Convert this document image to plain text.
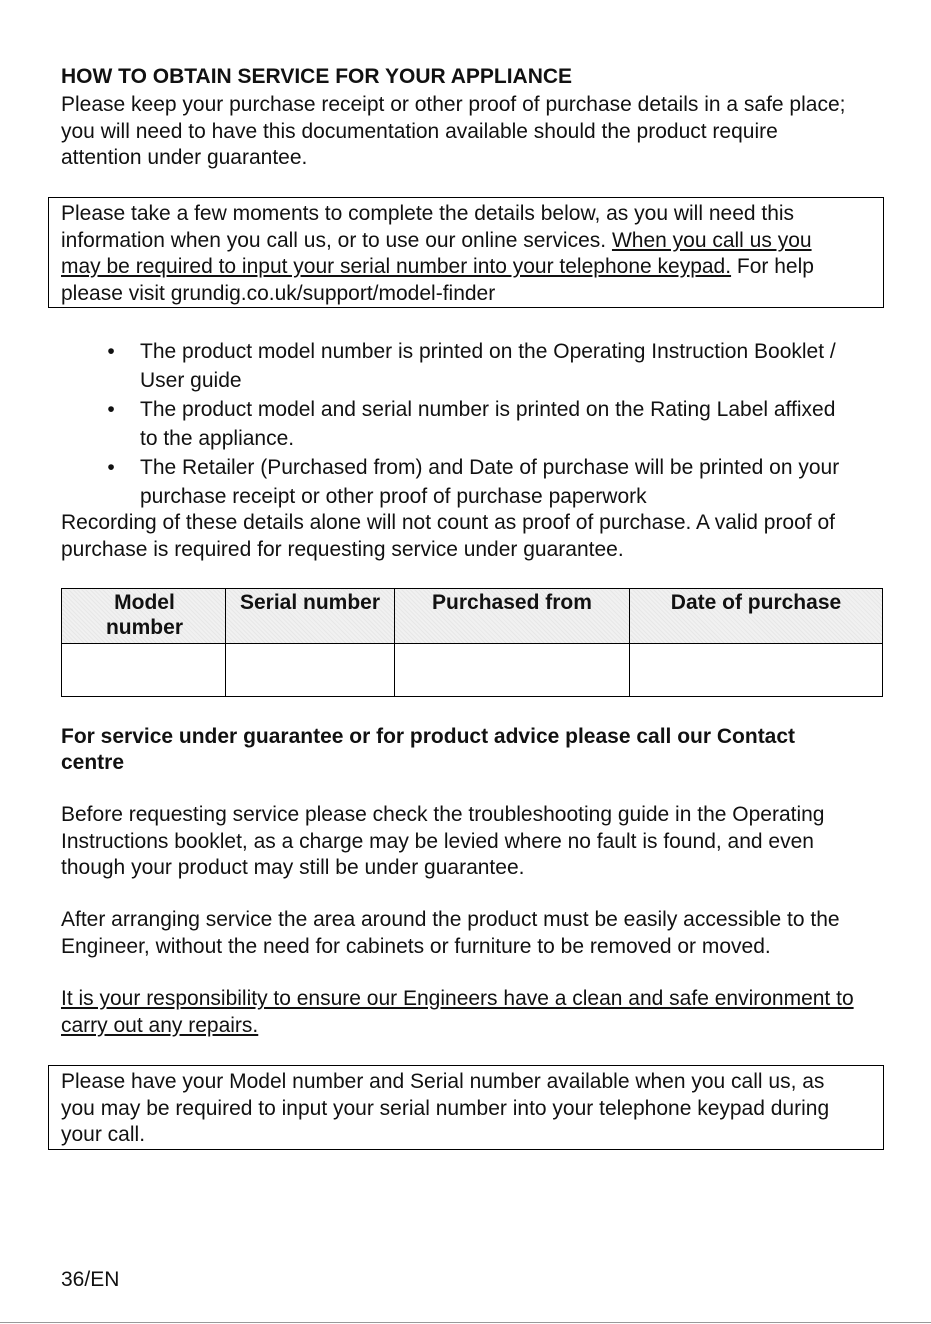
HOW TO OBTAIN SERVICE FOR YOUR APPLIANCE
Please keep your purchase receipt or other proof of purchase details in a safe place;
you will need to have this documentation available should the product require
attention under guarantee.
Please take a few moments to complete the details below, as you will need this
information when you call us, or to use our online services. When you call us you
may be required to input your serial number into your telephone keypad. For help
please visit grundig.co.uk/support/model-finder
•	The product model number is printed on the Operating Instruction Booklet /
User guide
•	The product model and serial number is printed on the Rating Label affixed
to the appliance.
•	The Retailer (Purchased from) and Date of purchase will be printed on your
purchase receipt or other proof of purchase paperwork
Recording of these details alone will not count as proof of purchase. A valid proof of
purchase is required for requesting service under guarantee.
Model number	Serial number	Purchased from	Date of purchase

For service under guarantee or for product advice please call our Contact
centre
Before requesting service please check the troubleshooting guide in the Operating
Instructions booklet, as a charge may be levied where no fault is found, and even
though your product may still be under guarantee.
After arranging service the area around the product must be easily accessible to the
Engineer, without the need for cabinets or furniture to be removed or moved.
It is your responsibility to ensure our Engineers have a clean and safe environment to
carry out any repairs.
Please have your Model number and Serial number available when you call us, as
you may be required to input your serial number into your telephone keypad during
your call.
36/EN
